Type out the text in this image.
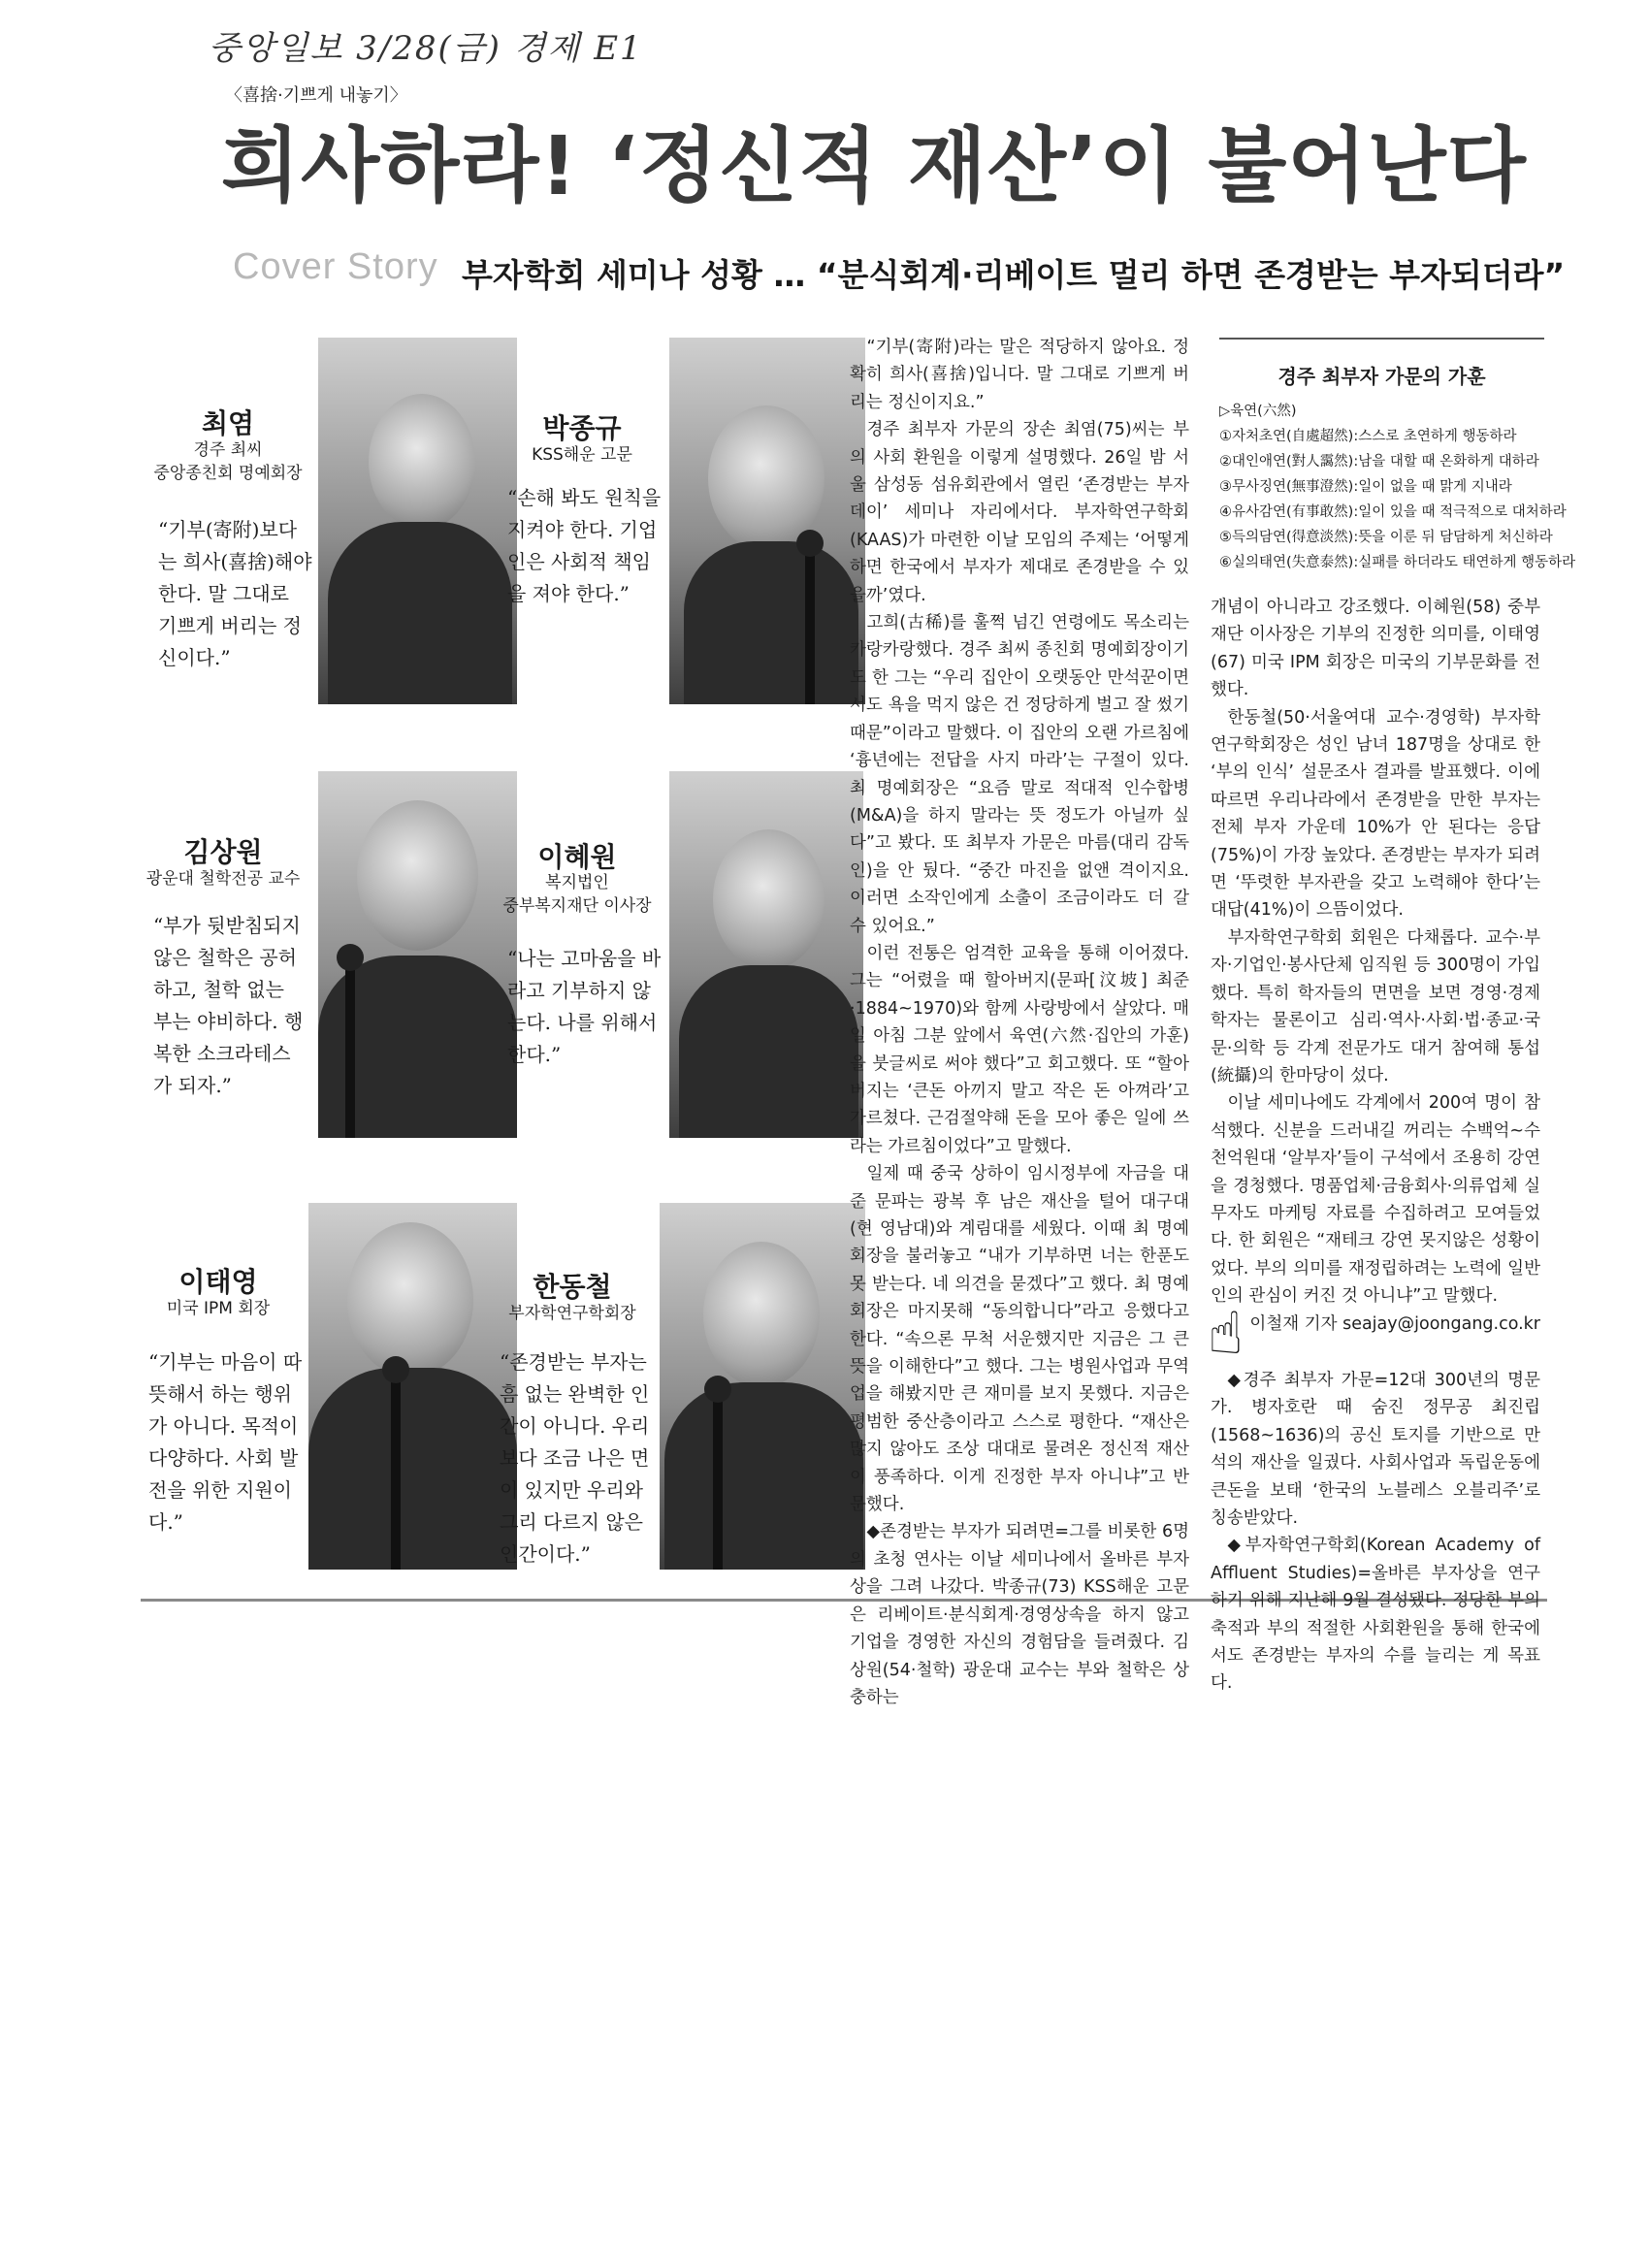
중앙일보 3/28(금) 경제 E1
〈喜捨·기쁘게 내놓기〉
희사하라! ‘정신적 재산’이 불어난다
Cover Story 부자학회 세미나 성황 … “분식회계·리베이트 멀리 하면 존경받는 부자되더라”
최염
경주 최씨
중앙종친회 명예회장
“기부(寄附)보다는 희사(喜捨)해야 한다. 말 그대로 기쁘게 버리는 정신이다.”
박종규
KSS해운 고문
“손해 봐도 원칙을 지켜야 한다. 기업인은 사회적 책임을 져야 한다.”
김상원
광운대 철학전공 교수
“부가 뒷받침되지 않은 철학은 공허하고, 철학 없는 부는 야비하다. 행복한 소크라테스가 되자.”
이혜원
복지법인
중부복지재단 이사장
“나는 고마움을 바라고 기부하지 않는다. 나를 위해서 한다.”
이태영
미국 IPM 회장
“기부는 마음이 따뜻해서 하는 행위가 아니다. 목적이 다양하다. 사회 발전을 위한 지원이다.”
한동철
부자학연구학회장
“존경받는 부자는 흠 없는 완벽한 인간이 아니다. 우리보다 조금 나은 면이 있지만 우리와 그리 다르지 않은 인간이다.”

“기부(寄附)라는 말은 적당하지 않아요. 정확히 희사(喜捨)입니다. 말 그대로 기쁘게 버리는 정신이지요.”

경주 최부자 가문의 장손 최염(75)씨는 부의 사회 환원을 이렇게 설명했다. 26일 밤 서울 삼성동 섬유회관에서 열린 ‘존경받는 부자 데이’ 세미나 자리에서다. 부자학연구학회(KAAS)가 마련한 이날 모임의 주제는 ‘어떻게 하면 한국에서 부자가 제대로 존경받을 수 있을까’였다.

고희(古稀)를 훌쩍 넘긴 연령에도 목소리는 카랑카랑했다. 경주 최씨 종친회 명예회장이기도 한 그는 “우리 집안이 오랫동안 만석꾼이면서도 욕을 먹지 않은 건 정당하게 벌고 잘 썼기 때문”이라고 말했다. 이 집안의 오랜 가르침에 ‘흉년에는 전답을 사지 마라’는 구절이 있다. 최 명예회장은 “요즘 말로 적대적 인수합병(M&A)을 하지 말라는 뜻 정도가 아닐까 싶다”고 봤다. 또 최부자 가문은 마름(대리 감독인)을 안 뒀다. “중간 마진을 없앤 격이지요. 이러면 소작인에게 소출이 조금이라도 더 갈 수 있어요.”

이런 전통은 엄격한 교육을 통해 이어졌다. 그는 “어렸을 때 할아버지(문파[汶坡] 최준·1884~1970)와 함께 사랑방에서 살았다. 매일 아침 그분 앞에서 육연(六然·집안의 가훈)을 붓글씨로 써야 했다”고 회고했다. 또 “할아버지는 ‘큰돈 아끼지 말고 작은 돈 아껴라’고 가르쳤다. 근검절약해 돈을 모아 좋은 일에 쓰라는 가르침이었다”고 말했다.

일제 때 중국 상하이 임시정부에 자금을 대준 문파는 광복 후 남은 재산을 털어 대구대(현 영남대)와 계림대를 세웠다. 이때 최 명예회장을 불러놓고 “내가 기부하면 너는 한푼도 못 받는다. 네 의견을 묻겠다”고 했다. 최 명예회장은 마지못해 “동의합니다”라고 응했다고 한다. “속으론 무척 서운했지만 지금은 그 큰 뜻을 이해한다”고 했다. 그는 병원사업과 무역업을 해봤지만 큰 재미를 보지 못했다. 지금은 평범한 중산층이라고 스스로 평한다. “재산은 많지 않아도 조상 대대로 물려온 정신적 재산이 풍족하다. 이게 진정한 부자 아니냐”고 반문했다.

◆존경받는 부자가 되려면=그를 비롯한 6명의 초청 연사는 이날 세미나에서 올바른 부자상을 그려 나갔다. 박종규(73) KSS해운 고문은 리베이트·분식회계·경영상속을 하지 않고 기업을 경영한 자신의 경험담을 들려줬다. 김상원(54·철학) 광운대 교수는 부와 철학은 상충하는

경주 최부자 가문의 가훈
▷육연(六然)
①자처초연(自處超然):스스로 초연하게 행동하라
②대인애연(對人靄然):남을 대할 때 온화하게 대하라
③무사징연(無事澄然):일이 없을 때 맑게 지내라
④유사감연(有事敢然):일이 있을 때 적극적으로 대처하라
⑤득의담연(得意淡然):뜻을 이룬 뒤 담담하게 처신하라
⑥실의태연(失意泰然):실패를 하더라도 태연하게 행동하라

개념이 아니라고 강조했다. 이혜원(58) 중부재단 이사장은 기부의 진정한 의미를, 이태영(67) 미국 IPM 회장은 미국의 기부문화를 전했다.

한동철(50·서울여대 교수·경영학) 부자학연구학회장은 성인 남녀 187명을 상대로 한 ‘부의 인식’ 설문조사 결과를 발표했다. 이에 따르면 우리나라에서 존경받을 만한 부자는 전체 부자 가운데 10%가 안 된다는 응답(75%)이 가장 높았다. 존경받는 부자가 되려면 ‘뚜렷한 부자관을 갖고 노력해야 한다’는 대답(41%)이 으뜸이었다.

부자학연구학회 회원은 다채롭다. 교수·부자·기업인·봉사단체 임직원 등 300명이 가입했다. 특히 학자들의 면면을 보면 경영·경제학자는 물론이고 심리·역사·사회·법·종교·국문·의학 등 각계 전문가도 대거 참여해 통섭(統攝)의 한마당이 섰다.

이날 세미나에도 각계에서 200여 명이 참석했다. 신분을 드러내길 꺼리는 수백억~수천억원대 ‘알부자’들이 구석에서 조용히 강연을 경청했다. 명품업체·금융회사·의류업체 실무자도 마케팅 자료를 수집하려고 모여들었다. 한 회원은 “재테크 강연 못지않은 성황이었다. 부의 의미를 재정립하려는 노력에 일반인의 관심이 커진 것 아니냐”고 말했다.

이철재 기자 seajay@joongang.co.kr

◆경주 최부자 가문=12대 300년의 명문가. 병자호란 때 숨진 정무공 최진립(1568~1636)의 공신 토지를 기반으로 만석의 재산을 일궜다. 사회사업과 독립운동에 큰돈을 보태 ‘한국의 노블레스 오블리주’로 칭송받았다.

◆부자학연구학회(Korean Academy of Affluent Studies)=올바른 부자상을 연구하기 위해 지난해 9월 결성됐다. 정당한 부의 축적과 부의 적절한 사회환원을 통해 한국에서도 존경받는 부자의 수를 늘리는 게 목표다.

☝
